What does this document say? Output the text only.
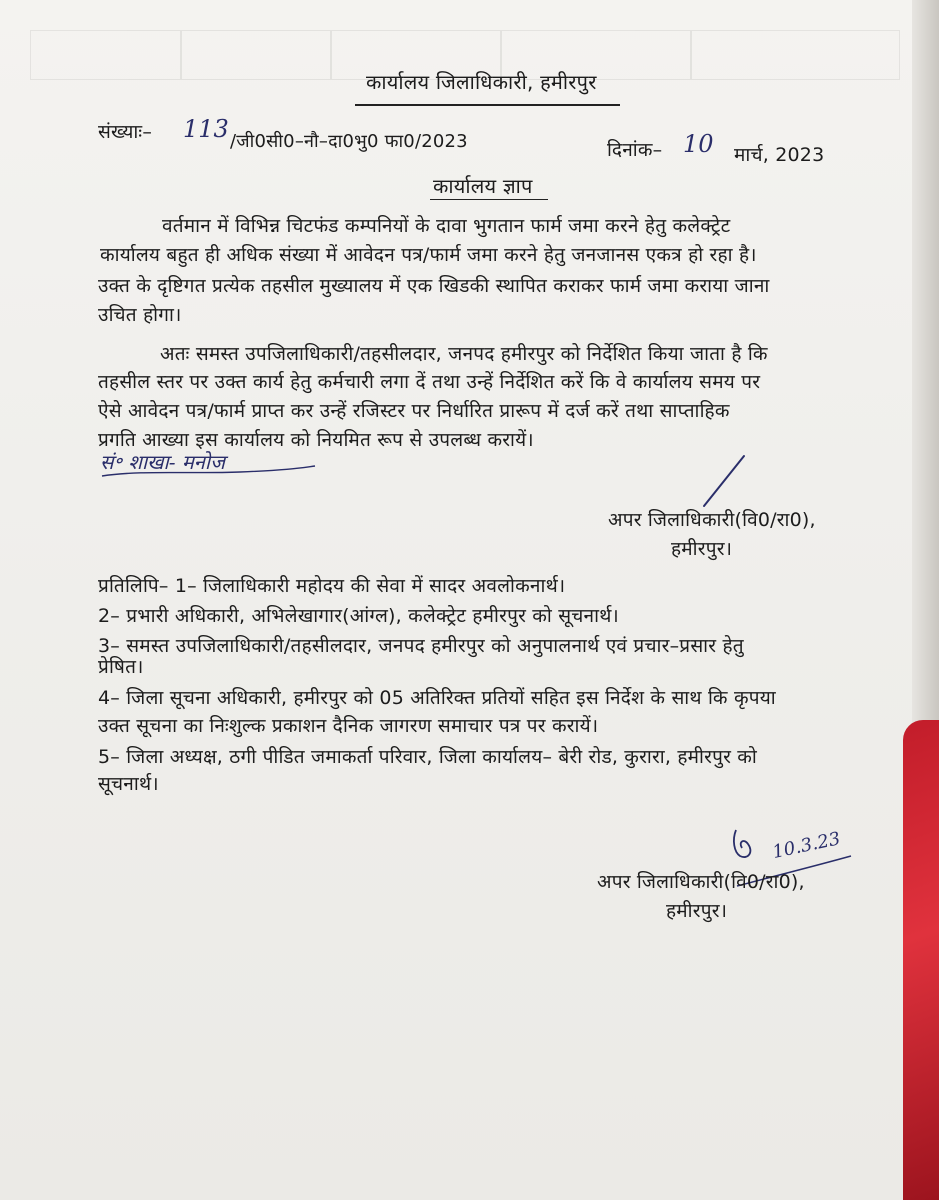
कार्यालय जिलाधिकारी, हमीरपुर
संख्याः– 113 /जी0सी0–नौ–दा0भु0 फा0/2023	दिनांक– 10 मार्च, 2023
कार्यालय ज्ञाप
वर्तमान में विभिन्न चिटफंड कम्पनियों के दावा भुगतान फार्म जमा करने हेतु कलेक्ट्रेट
कार्यालय बहुत ही अधिक संख्या में आवेदन पत्र/फार्म जमा करने हेतु जनजानस एकत्र हो रहा है।
उक्त के दृष्टिगत प्रत्येक तहसील मुख्यालय में एक खिडकी स्थापित कराकर फार्म जमा कराया जाना
उचित होगा।
अतः समस्त उपजिलाधिकारी/तहसीलदार, जनपद हमीरपुर को निर्देशित किया जाता है कि
तहसील स्तर पर उक्त कार्य हेतु कर्मचारी लगा दें तथा उन्हें निर्देशित करें कि वे कार्यालय समय पर
ऐसे आवेदन पत्र/फार्म प्राप्त कर उन्हें रजिस्टर पर निर्धारित प्रारूप में दर्ज करें तथा साप्ताहिक
प्रगति आख्या इस कार्यालय को नियमित रूप से उपलब्ध करायें।
सं॰ शाखा- मनोज
अपर जिलाधिकारी(वि0/रा0),
हमीरपुर।
प्रतिलिपि– 1– जिलाधिकारी महोदय की सेवा में सादर अवलोकनार्थ।
2– प्रभारी अधिकारी, अभिलेखागार(आंग्ल), कलेक्ट्रेट हमीरपुर को सूचनार्थ।
3– समस्त उपजिलाधिकारी/तहसीलदार, जनपद हमीरपुर को अनुपालनार्थ एवं प्रचार–प्रसार हेतु
प्रेषित।
4– जिला सूचना अधिकारी, हमीरपुर को 05 अतिरिक्त प्रतियों सहित इस निर्देश के साथ कि कृपया
उक्त सूचना का निःशुल्क प्रकाशन दैनिक जागरण समाचार पत्र पर करायें।
5– जिला अध्यक्ष, ठगी पीडित जमाकर्ता परिवार, जिला कार्यालय– बेरी रोड, कुरारा, हमीरपुर को
सूचनार्थ।
10.3.23
अपर जिलाधिकारी(वि0/रा0),
हमीरपुर।
